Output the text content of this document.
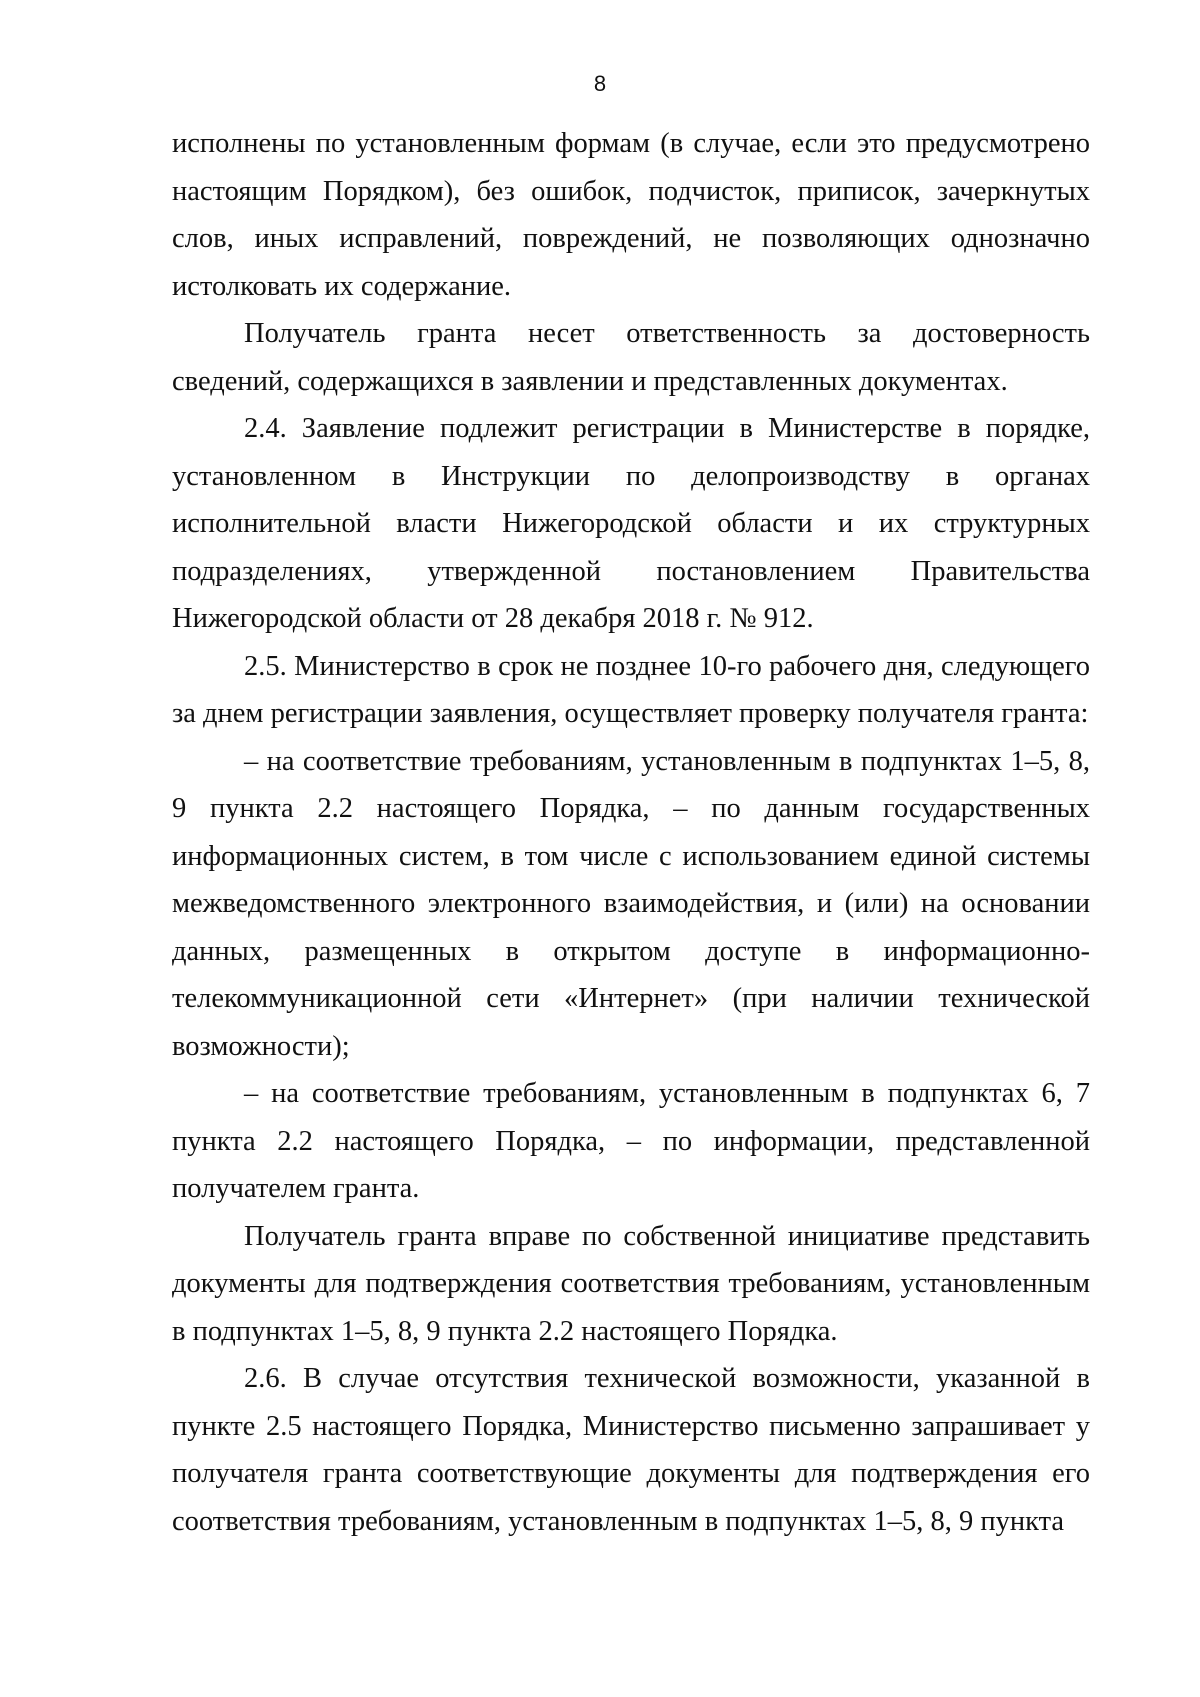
8

исполнены по установленным формам (в случае, если это предусмотрено настоящим Порядком), без ошибок, подчисток, приписок, зачеркнутых слов, иных исправлений, повреждений, не позволяющих однозначно истолковать их содержание.

Получатель гранта несет ответственность за достоверность сведений, содержащихся в заявлении и представленных документах.

2.4. Заявление подлежит регистрации в Министерстве в порядке, установленном в Инструкции по делопроизводству в органах исполнительной власти Нижегородской области и их структурных подразделениях, утвержденной постановлением Правительства Нижегородской области от 28 декабря 2018 г. № 912.

2.5. Министерство в срок не позднее 10-го рабочего дня, следующего за днем регистрации заявления, осуществляет проверку получателя гранта:

– на соответствие требованиям, установленным в подпунктах 1–5, 8, 9 пункта 2.2 настоящего Порядка, – по данным государственных информационных систем, в том числе с использованием единой системы межведомственного электронного взаимодействия, и (или) на основании данных, размещенных в открытом доступе в информационно-телекоммуникационной сети «Интернет» (при наличии технической возможности);

– на соответствие требованиям, установленным в подпунктах 6, 7 пункта 2.2 настоящего Порядка, – по информации, представленной получателем гранта.

Получатель гранта вправе по собственной инициативе представить документы для подтверждения соответствия требованиям, установленным в подпунктах 1–5, 8, 9 пункта 2.2 настоящего Порядка.

2.6. В случае отсутствия технической возможности, указанной в пункте 2.5 настоящего Порядка, Министерство письменно запрашивает у получателя гранта соответствующие документы для подтверждения его соответствия требованиям, установленным в подпунктах 1–5, 8, 9 пункта
